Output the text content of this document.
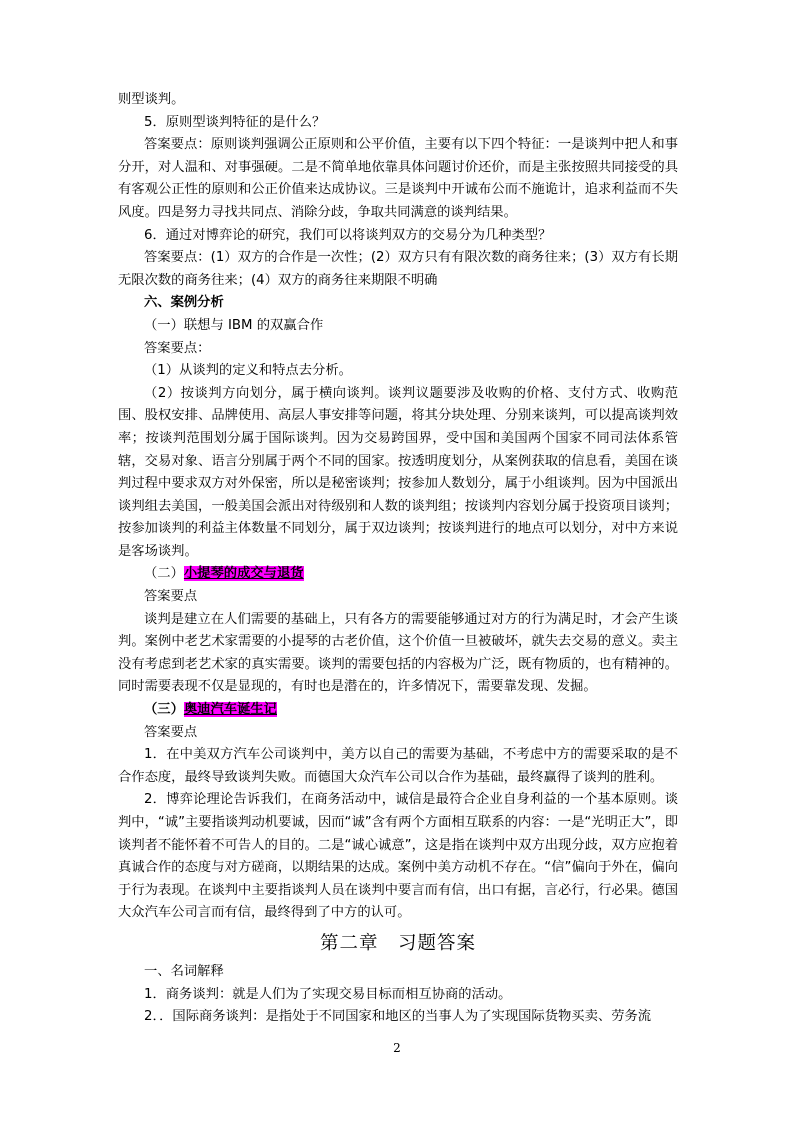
则型谈判。

5．原则型谈判特征的是什么？

答案要点：原则谈判强调公正原则和公平价值，主要有以下四个特征：一是谈判中把人和事分开，对人温和、对事强硬。二是不简单地依靠具体问题讨价还价，而是主张按照共同接受的具有客观公正性的原则和公正价值来达成协议。三是谈判中开诚布公而不施诡计，追求利益而不失风度。四是努力寻找共同点、消除分歧，争取共同满意的谈判结果。

6．通过对博弈论的研究，我们可以将谈判双方的交易分为几种类型？

答案要点：(1）双方的合作是一次性；(2）双方只有有限次数的商务往来；(3）双方有长期无限次数的商务往来；(4）双方的商务往来期限不明确

六、案例分析

（一）联想与 IBM 的双赢合作

答案要点：

（1）从谈判的定义和特点去分析。

（2）按谈判方向划分，属于横向谈判。谈判议题要涉及收购的价格、支付方式、收购范围、股权安排、品牌使用、高层人事安排等问题，将其分块处理、分别来谈判，可以提高谈判效率；按谈判范围划分属于国际谈判。因为交易跨国界，受中国和美国两个国家不同司法体系管辖，交易对象、语言分别属于两个不同的国家。按透明度划分，从案例获取的信息看，美国在谈判过程中要求双方对外保密，所以是秘密谈判；按参加人数划分，属于小组谈判。因为中国派出谈判组去美国，一般美国会派出对待级别和人数的谈判组；按谈判内容划分属于投资项目谈判；按参加谈判的利益主体数量不同划分，属于双边谈判；按谈判进行的地点可以划分，对中方来说是客场谈判。

（二）小提琴的成交与退货

答案要点

谈判是建立在人们需要的基础上，只有各方的需要能够通过对方的行为满足时，才会产生谈判。案例中老艺术家需要的小提琴的古老价值，这个价值一旦被破坏，就失去交易的意义。卖主没有考虑到老艺术家的真实需要。谈判的需要包括的内容极为广泛，既有物质的，也有精神的。同时需要表现不仅是显现的，有时也是潜在的，许多情况下，需要靠发现、发掘。

（三）奥迪汽车诞生记

答案要点

1．在中美双方汽车公司谈判中，美方以自己的需要为基础，不考虑中方的需要采取的是不合作态度，最终导致谈判失败。而德国大众汽车公司以合作为基础，最终赢得了谈判的胜利。

2．博弈论理论告诉我们，在商务活动中，诚信是最符合企业自身利益的一个基本原则。谈判中，“诚”主要指谈判动机要诚，因而“诚”含有两个方面相互联系的内容：一是“光明正大”，即谈判者不能怀着不可告人的目的。二是“诚心诚意”，这是指在谈判中双方出现分歧，双方应抱着真诚合作的态度与对方磋商，以期结果的达成。案例中美方动机不存在。“信”偏向于外在，偏向于行为表现。在谈判中主要指谈判人员在谈判中要言而有信，出口有据，言必行，行必果。德国大众汽车公司言而有信，最终得到了中方的认可。

第二章　习题答案

一、名词解释

1．商务谈判：就是人们为了实现交易目标而相互协商的活动。

2．．国际商务谈判：是指处于不同国家和地区的当事人为了实现国际货物买卖、劳务流

2
